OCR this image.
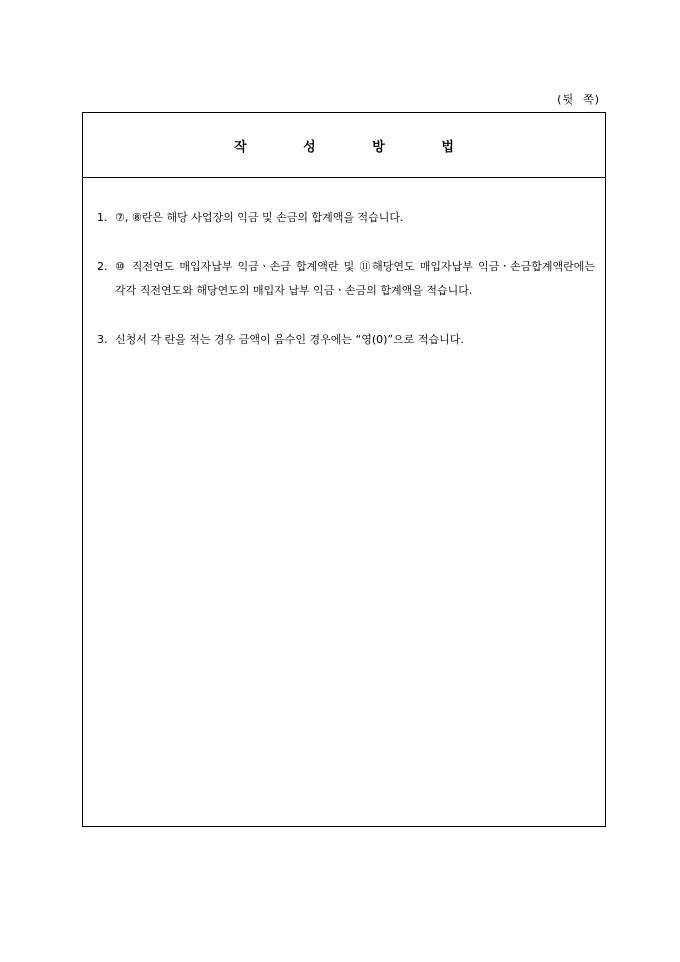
(뒷  쪽)
작 성 방 법
1. ⑦, ⑧란은 해당 사업장의 익금 및 손금의 합계액을 적습니다.
2. ⑩ 직전연도 매입자납부 익금ㆍ손금 합계액란 및 ⑪해당연도 매입자납부 익금ㆍ손금합계액란에는 각각 직전연도와 해당연도의 매입자 납부 익금ㆍ손금의 합계액을 적습니다.
3. 신청서 각 란을 적는 경우 금액이 음수인 경우에는 “영(0)”으로 적습니다.
